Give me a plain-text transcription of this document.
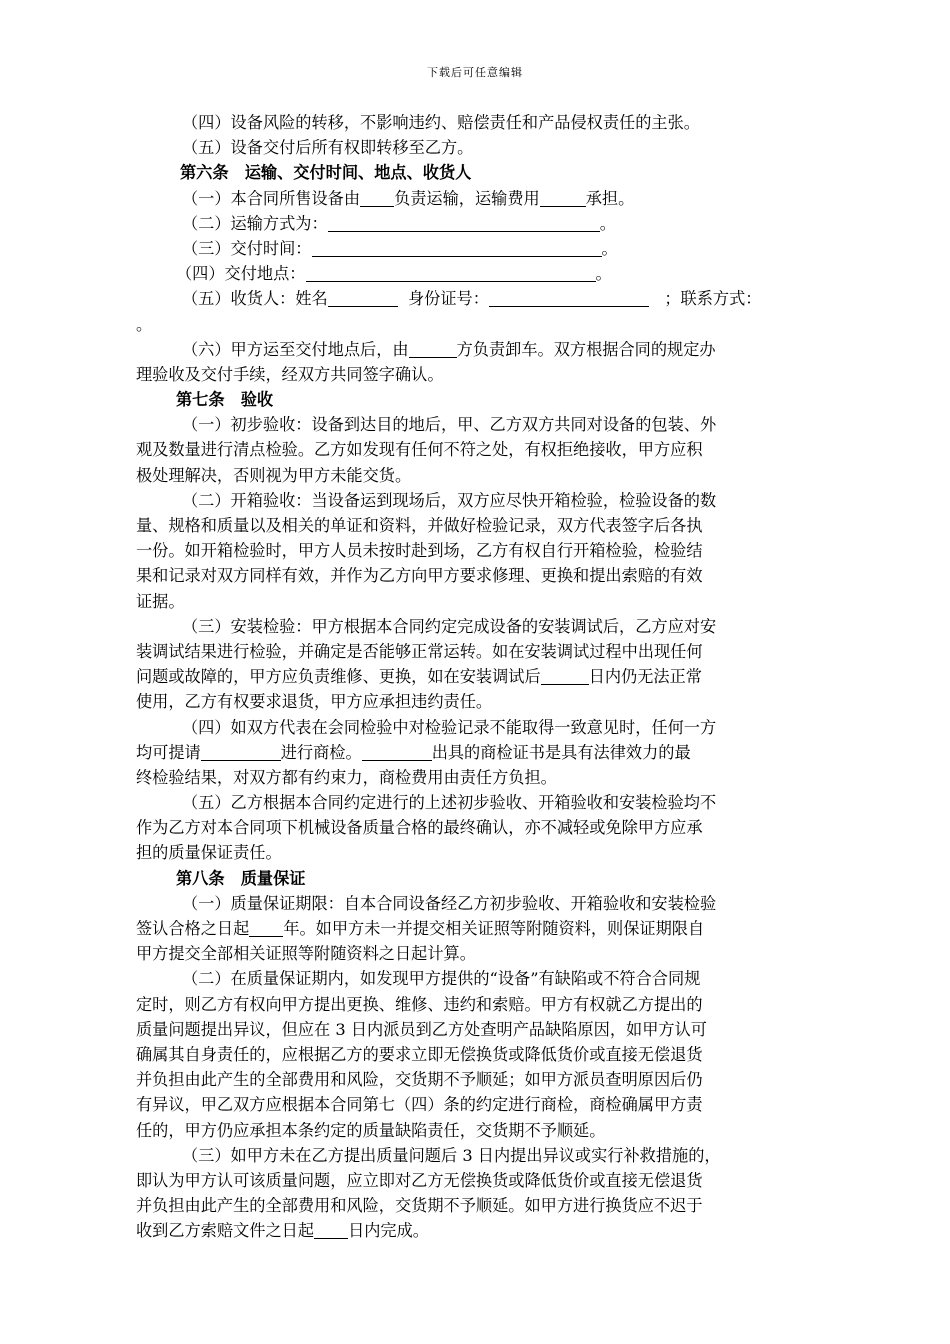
下载后可任意编辑
（四）设备风险的转移，不影响违约、赔偿责任和产品侵权责任的主张。
（五）设备交付后所有权即转移至乙方。
第六条　运输、交付时间、地点、收货人
（一）本合同所售设备由 负责运输，运输费用	承担。
（二）运输方式为：	。
（三）交付时间：	。
（四）交付地点：	。
（五）收货人：姓名	身份证号：	；联系方式：
。
（六）甲方运至交付地点后，由	方负责卸车。双方根据合同的规定办
理验收及交付手续，经双方共同签字确认。
第七条　验收
（一）初步验收：设备到达目的地后，甲、乙方双方共同对设备的包装、外
观及数量进行清点检验。乙方如发现有任何不符之处，有权拒绝接收，甲方应积
极处理解决，否则视为甲方未能交货。
（二）开箱验收：当设备运到现场后，双方应尽快开箱检验，检验设备的数
量、规格和质量以及相关的单证和资料，并做好检验记录，双方代表签字后各执
一份。如开箱检验时，甲方人员未按时赴到场，乙方有权自行开箱检验，检验结
果和记录对双方同样有效，并作为乙方向甲方要求修理、更换和提出索赔的有效
证据。
（三）安装检验：甲方根据本合同约定完成设备的安装调试后，乙方应对安
装调试结果进行检验，并确定是否能够正常运转。如在安装调试过程中出现任何
问题或故障的，甲方应负责维修、更换，如在安装调试后	日内仍无法正常
使用，乙方有权要求退货，甲方应承担违约责任。
（四）如双方代表在会同检验中对检验记录不能取得一致意见时，任何一方
均可提请	进行商检。	出具的商检证书是具有法律效力的最
终检验结果，对双方都有约束力，商检费用由责任方负担。
（五）乙方根据本合同约定进行的上述初步验收、开箱验收和安装检验均不
作为乙方对本合同项下机械设备质量合格的最终确认，亦不减轻或免除甲方应承
担的质量保证责任。
第八条　质量保证
（一）质量保证期限：自本合同设备经乙方初步验收、开箱验收和安装检验
签认合格之日起 年。如甲方未一并提交相关证照等附随资料，则保证期限自
甲方提交全部相关证照等附随资料之日起计算。
（二）在质量保证期内，如发现甲方提供的“设备”有缺陷或不符合合同规
定时，则乙方有权向甲方提出更换、维修、违约和索赔。甲方有权就乙方提出的
质量问题提出异议，但应在 3 日内派员到乙方处查明产品缺陷原因，如甲方认可
确属其自身责任的，应根据乙方的要求立即无偿换货或降低货价或直接无偿退货
并负担由此产生的全部费用和风险，交货期不予顺延；如甲方派员查明原因后仍
有异议，甲乙双方应根据本合同第七（四）条的约定进行商检，商检确属甲方责
任的，甲方仍应承担本条约定的质量缺陷责任，交货期不予顺延。
（三）如甲方未在乙方提出质量问题后 3 日内提出异议或实行补救措施的，
即认为甲方认可该质量问题，应立即对乙方无偿换货或降低货价或直接无偿退货
并负担由此产生的全部费用和风险，交货期不予顺延。如甲方进行换货应不迟于
收到乙方索赔文件之日起 日内完成。
